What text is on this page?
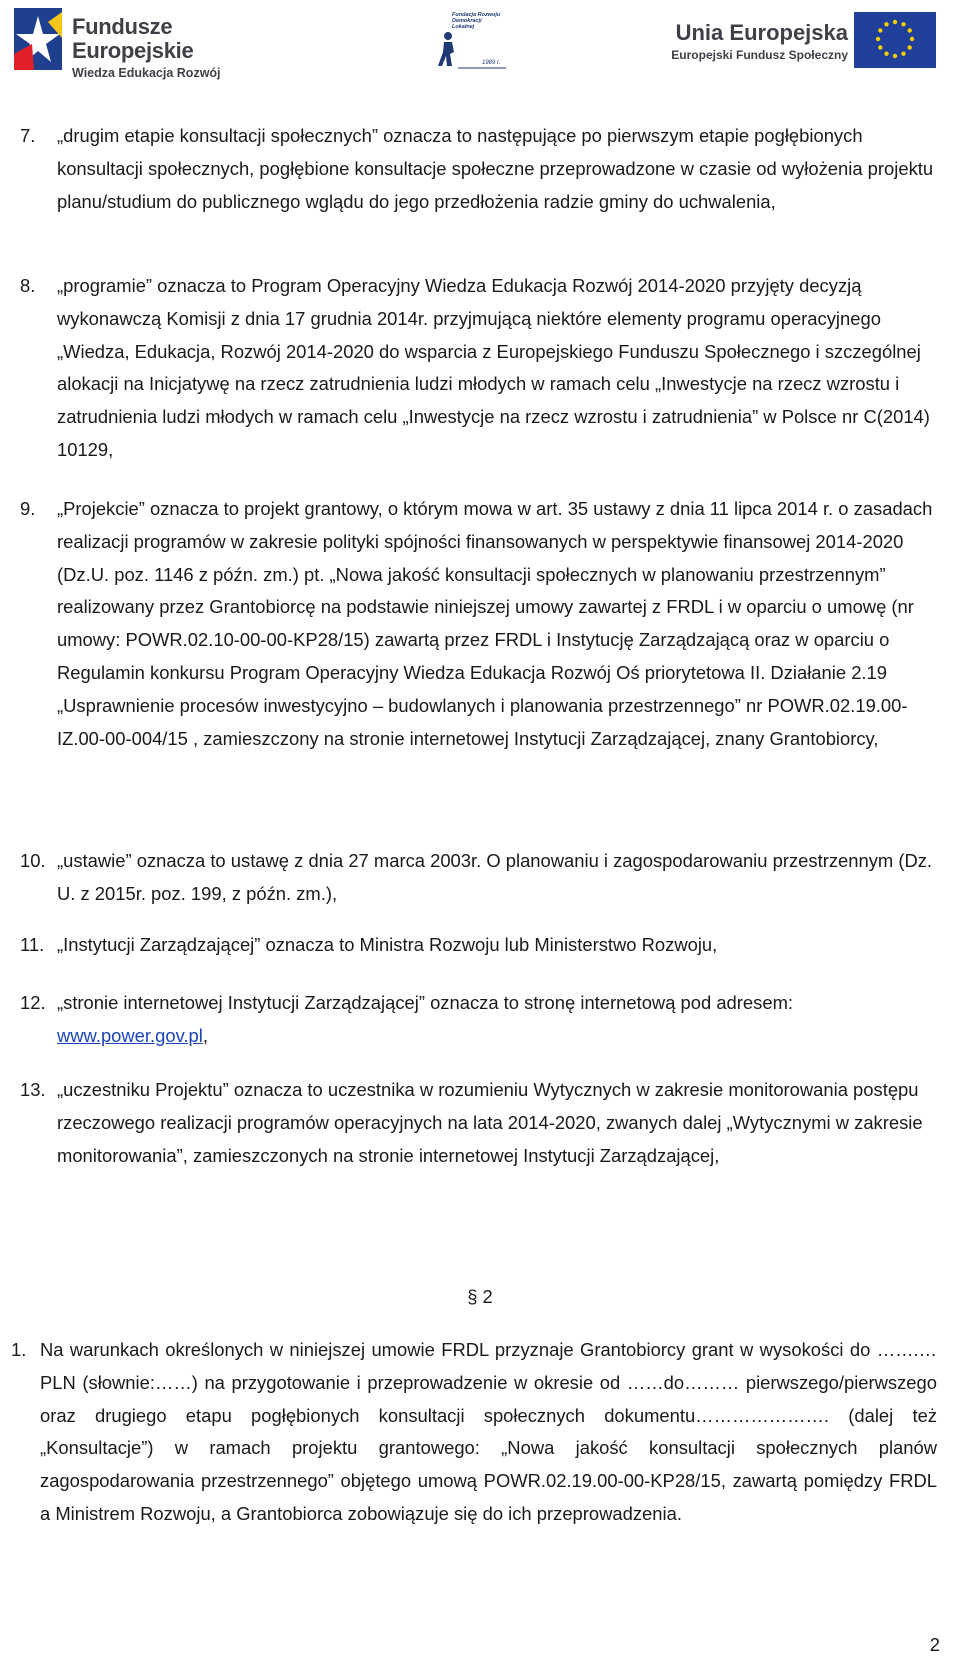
Fundusze
Europejskie
Wiedza Edukacja Rozwój
Fundacja Rozwoju Demokracji Lokalnej
1989 r.
Unia Europejska
Europejski Fundusz Społeczny
7. „drugim etapie konsultacji społecznych” oznacza to następujące po pierwszym etapie pogłębionych konsultacji społecznych, pogłębione konsultacje społeczne przeprowadzone w czasie od wyłożenia projektu planu/studium do publicznego wglądu do jego przedłożenia radzie gminy do uchwalenia,
8. „programie” oznacza to Program Operacyjny Wiedza Edukacja Rozwój 2014-2020 przyjęty decyzją wykonawczą Komisji z dnia 17 grudnia 2014r. przyjmującą niektóre elementy programu operacyjnego „Wiedza, Edukacja, Rozwój 2014-2020 do wsparcia z Europejskiego Funduszu Społecznego i szczególnej alokacji na Inicjatywę na rzecz zatrudnienia ludzi młodych w ramach celu „Inwestycje na rzecz wzrostu i zatrudnienia ludzi młodych w ramach celu „Inwestycje na rzecz wzrostu i zatrudnienia” w Polsce nr C(2014) 10129,
9. „Projekcie” oznacza to projekt grantowy, o którym mowa w art. 35 ustawy z dnia 11 lipca 2014 r. o zasadach realizacji programów w zakresie polityki spójności finansowanych w perspektywie finansowej 2014-2020 (Dz.U. poz. 1146 z późn. zm.) pt. „Nowa jakość konsultacji społecznych w planowaniu przestrzennym” realizowany przez Grantobiorcę na podstawie niniejszej umowy zawartej z FRDL i w oparciu o umowę (nr umowy: POWR.02.10-00-00-KP28/15) zawartą przez FRDL i Instytucję Zarządzającą oraz w oparciu o Regulamin konkursu Program Operacyjny Wiedza Edukacja Rozwój Oś priorytetowa II. Działanie 2.19 „Usprawnienie procesów inwestycyjno – budowlanych i planowania przestrzennego” nr POWR.02.19.00-IZ.00-00-004/15 , zamieszczony na stronie internetowej Instytucji Zarządzającej, znany Grantobiorcy,
10. „ustawie” oznacza to ustawę z dnia 27 marca 2003r. O planowaniu i zagospodarowaniu przestrzennym (Dz. U. z 2015r. poz. 199, z późn. zm.),
11. „Instytucji Zarządzającej” oznacza to Ministra Rozwoju lub Ministerstwo Rozwoju,
12. „stronie internetowej Instytucji Zarządzającej” oznacza to stronę internetową pod adresem:
www.power.gov.pl,
13. „uczestniku Projektu” oznacza to uczestnika w rozumieniu Wytycznych w zakresie monitorowania postępu rzeczowego realizacji programów operacyjnych na lata 2014-2020, zwanych dalej „Wytycznymi w zakresie monitorowania”, zamieszczonych na stronie internetowej Instytucji Zarządzającej,
§ 2
1. Na warunkach określonych w niniejszej umowie FRDL przyznaje Grantobiorcy grant w wysokości do …….…PLN (słownie:……) na przygotowanie i przeprowadzenie w okresie od ……do……… pierwszego/pierwszego oraz drugiego etapu pogłębionych konsultacji społecznych dokumentu…………………. (dalej też „Konsultacje”) w ramach projektu grantowego: „Nowa jakość konsultacji społecznych planów zagospodarowania przestrzennego” objętego umową POWR.02.19.00-00-KP28/15, zawartą pomiędzy FRDL a Ministrem Rozwoju, a Grantobiorca zobowiązuje się do ich przeprowadzenia.
2
